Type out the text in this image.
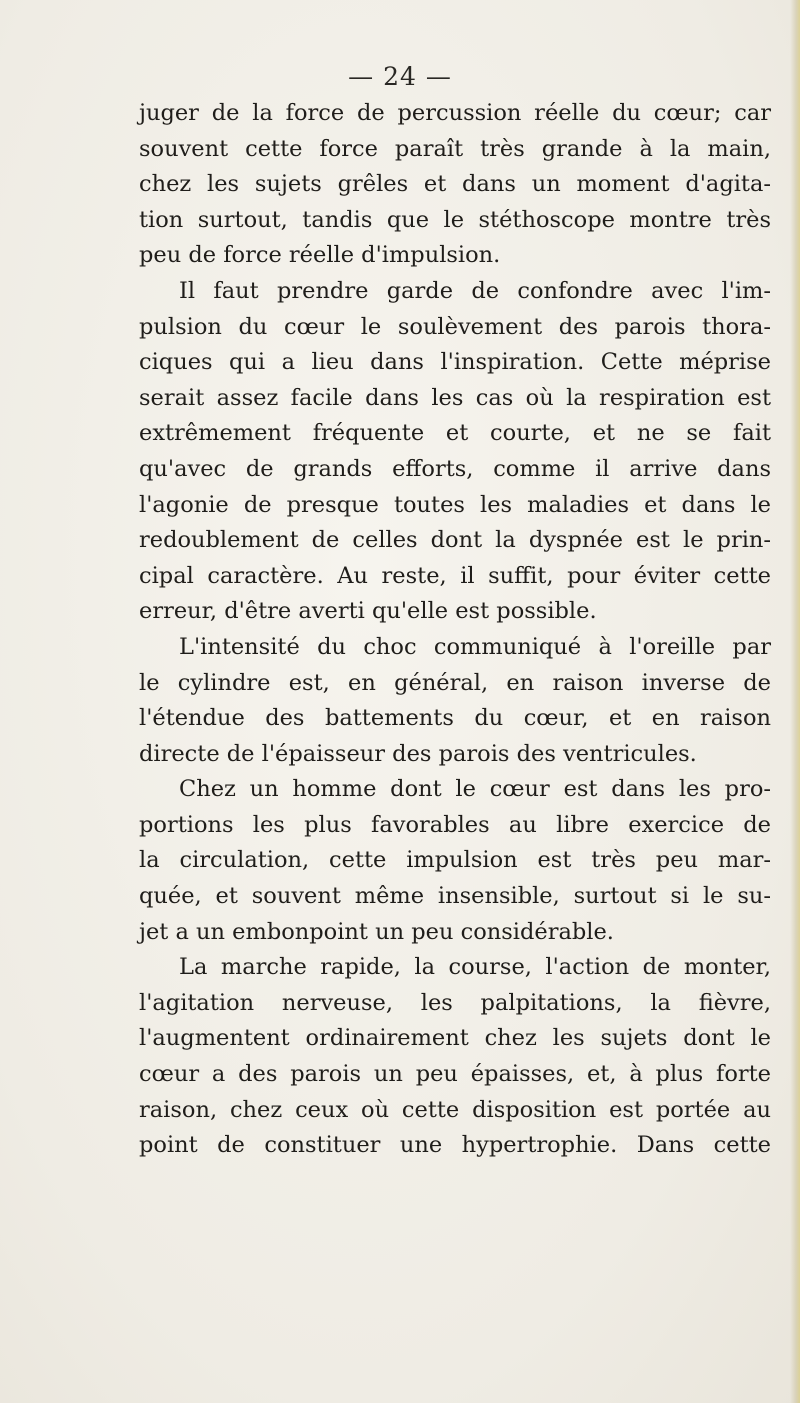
— 24 —
juger de la force de percussion réelle du cœur; car
souvent cette force paraît très grande à la main,
chez les sujets grêles et dans un moment d'agita-
tion surtout, tandis que le stéthoscope montre très
peu de force réelle d'impulsion.
Il faut prendre garde de confondre avec l'im-
pulsion du cœur le soulèvement des parois thora-
ciques qui a lieu dans l'inspiration. Cette méprise
serait assez facile dans les cas où la respiration est
extrêmement fréquente et courte, et ne se fait
qu'avec de grands efforts, comme il arrive dans
l'agonie de presque toutes les maladies et dans le
redoublement de celles dont la dyspnée est le prin-
cipal caractère. Au reste, il suffit, pour éviter cette
erreur, d'être averti qu'elle est possible.
L'intensité du choc communiqué à l'oreille par
le cylindre est, en général, en raison inverse de
l'étendue des battements du cœur, et en raison
directe de l'épaisseur des parois des ventricules.
Chez un homme dont le cœur est dans les pro-
portions les plus favorables au libre exercice de
la circulation, cette impulsion est très peu mar-
quée, et souvent même insensible, surtout si le su-
jet a un embonpoint un peu considérable.
La marche rapide, la course, l'action de monter,
l'agitation nerveuse, les palpitations, la fièvre,
l'augmentent ordinairement chez les sujets dont le
cœur a des parois un peu épaisses, et, à plus forte
raison, chez ceux où cette disposition est portée au
point de constituer une hypertrophie. Dans cette
